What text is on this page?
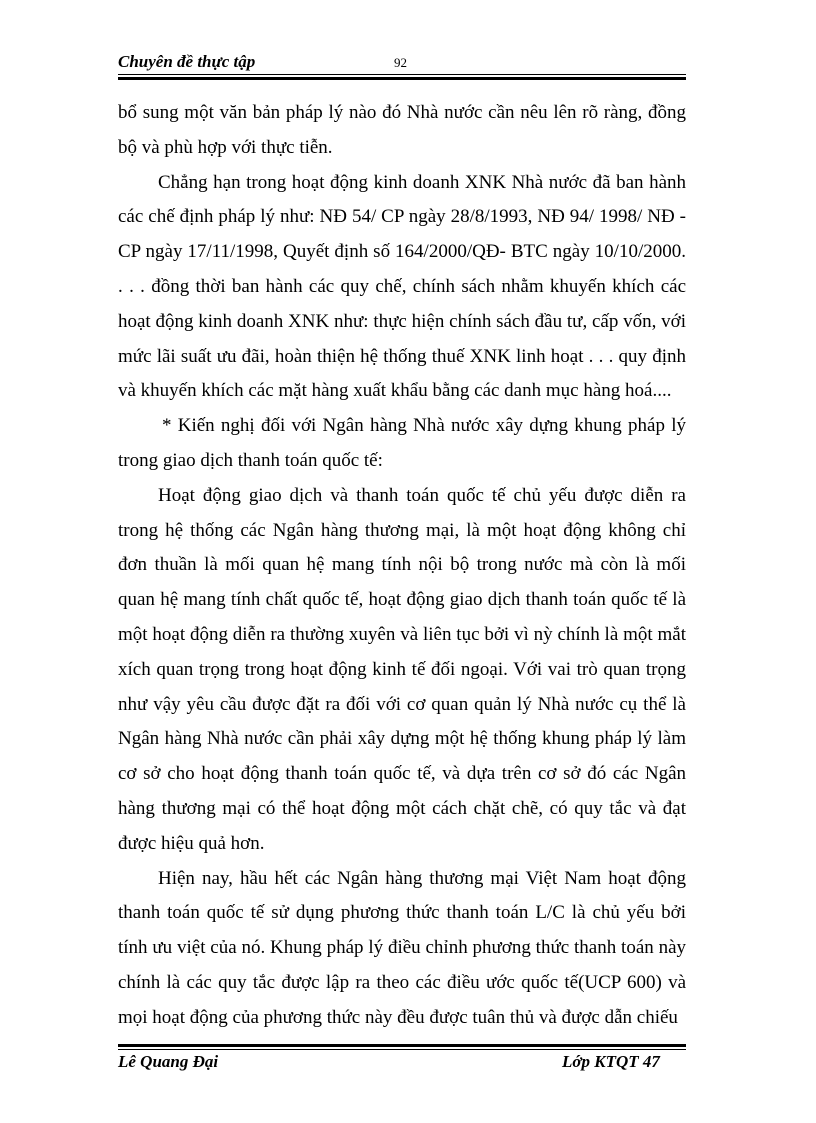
Chuyên đề thực tập	92

bổ sung một văn bản pháp lý nào đó Nhà nước cần nêu lên rõ ràng, đồng bộ và phù hợp với thực tiễn.

Chẳng hạn trong hoạt động kinh doanh XNK Nhà nước đã ban hành các chế định pháp lý như: NĐ 54/ CP ngày 28/8/1993, NĐ 94/ 1998/ NĐ - CP ngày 17/11/1998, Quyết định số 164/2000/QĐ- BTC ngày 10/10/2000. . . . đồng thời ban hành các quy chế, chính sách nhằm khuyến khích các hoạt động kinh doanh XNK như: thực hiện chính sách đầu tư, cấp vốn, với mức lãi suất ưu đãi, hoàn thiện hệ thống thuế XNK linh hoạt . . . quy định và khuyến khích các mặt hàng xuất khẩu bằng các danh mục hàng hoá....

* Kiến nghị đối với Ngân hàng Nhà nước xây dựng khung pháp lý trong giao dịch thanh toán quốc tế:

Hoạt động giao dịch và thanh toán quốc tế chủ yếu được diễn ra trong hệ thống các Ngân hàng thương mại, là một hoạt động không chỉ đơn thuần là mối quan hệ mang tính nội bộ trong nước mà còn là mối quan hệ mang tính chất quốc tế, hoạt động giao dịch thanh toán quốc tế là một hoạt động diễn ra thường xuyên và liên tục bởi vì nỳ chính là một mắt xích quan trọng trong hoạt động kinh tế đối ngoại. Với vai trò quan trọng như vậy yêu cầu được đặt ra đối với cơ quan quản lý Nhà nước cụ thể là Ngân hàng Nhà nước cần phải xây dựng một hệ thống khung pháp lý làm cơ sở cho hoạt động thanh toán quốc tế, và dựa trên cơ sở đó các Ngân hàng thương mại có thể hoạt động một cách chặt chẽ, có quy tắc và đạt được hiệu quả hơn.

Hiện nay, hầu hết các Ngân hàng thương mại Việt Nam hoạt động thanh toán quốc tế sử dụng phương thức thanh toán L/C là chủ yếu bởi tính ưu việt của nó. Khung pháp lý điều chỉnh phương thức thanh toán này chính là các quy tắc được lập ra theo các điều ước quốc tế(UCP 600) và mọi hoạt động của phương thức này đều được tuân thủ và được dẫn chiếu

Lê Quang Đại	Lớp KTQT 47
